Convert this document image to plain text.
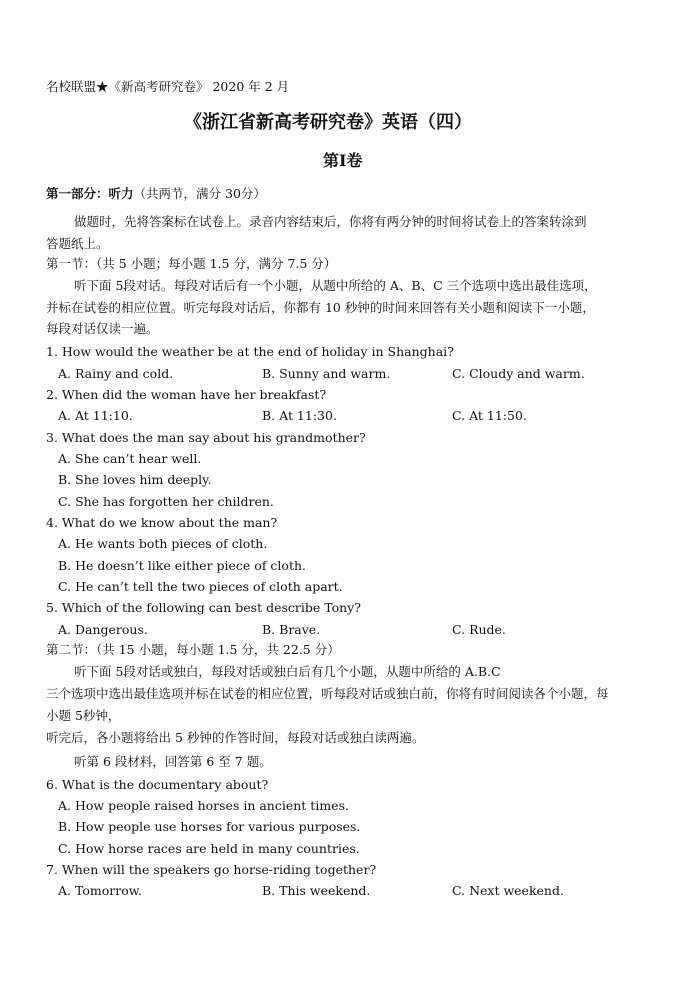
名校联盟★《新高考研究卷》 2020 年 2 月
《浙江省新高考研究卷》英语（四）
第Ⅰ卷
第一部分：听力（共两节，满分 30分）
做题时，先将答案标在试卷上。录音内容结束后，你将有两分钟的时间将试卷上的答案转涂到
答题纸上。
第一节：（共 5 小题；每小题 1.5 分，满分 7.5 分）
听下面 5段对话。每段对话后有一个小题，从题中所给的 A、B、C 三个选项中选出最佳选项，
并标在试卷的相应位置。听完每段对话后，你都有 10 秒钟的时间来回答有关小题和阅读下一小题，
每段对话仅读一遍。
1. How would the weather be at the end of holiday in Shanghai?
A. Rainy and cold.	B. Sunny and warm.	C. Cloudy and warm.
2. When did the woman have her breakfast?
A. At 11:10.	B. At 11:30.	C. At 11:50.
3. What does the man say about his grandmother?
A. She can’t hear well.
B. She loves him deeply.
C. She has forgotten her children.
4. What do we know about the man?
A. He wants both pieces of cloth.
B. He doesn’t like either piece of cloth.
C. He can’t tell the two pieces of cloth apart.
5. Which of the following can best describe Tony?
A. Dangerous.	B. Brave.	C. Rude.
第二节：（共 15 小题，每小题 1.5 分，共 22.5 分）
听下面 5段对话或独白，每段对话或独白后有几个小题，从题中所给的 A.B.C
三个选项中选出最佳选项并标在试卷的相应位置，听每段对话或独白前，你将有时间阅读各个小题，每
小题 5秒钟，
听完后，各小题将给出 5 秒钟的作答时间，每段对话或独白读两遍。
听第 6 段材料，回答第 6 至 7 题。
6. What is the documentary about?
A. How people raised horses in ancient times.
B. How people use horses for various purposes.
C. How horse races are held in many countries.
7. When will the speakers go horse-riding together?
A. Tomorrow.	B. This weekend.	C. Next weekend.
